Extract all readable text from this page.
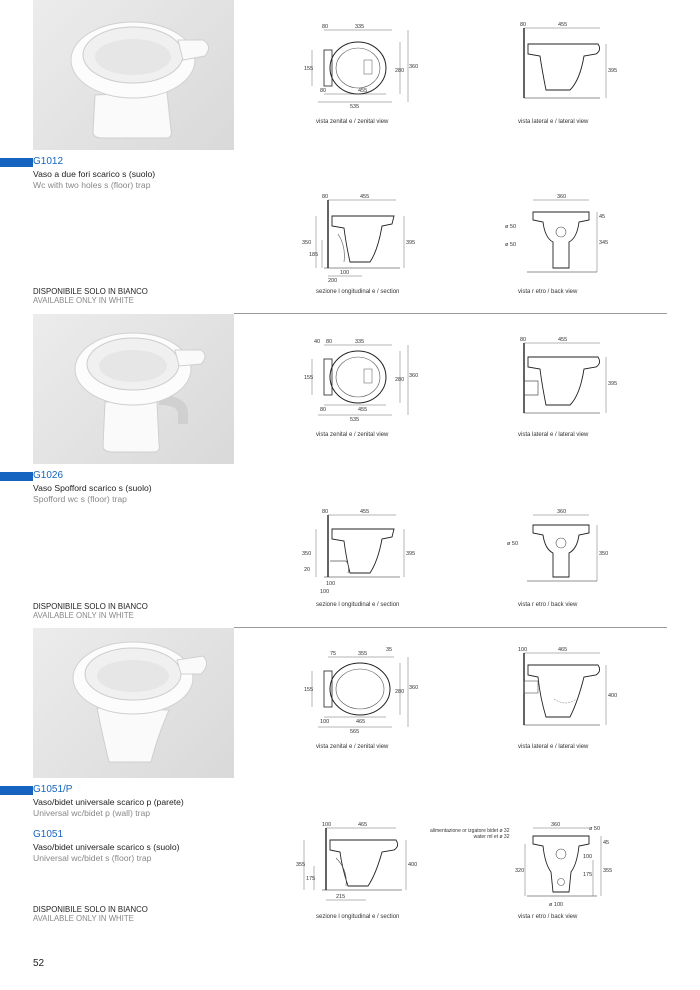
G1012
Vaso a due fori scarico s (suolo)
Wc with two holes s (floor) trap
DISPONIBILE SOLO IN BIANCO
AVAILABLE ONLY IN WHITE
80	335
155	280
360
80	455
535
vista zenital e / zenital view
80	455
395
vista lateral e / lateral view
80	455
350
185
395
100
200
sezione l ongitudinal e / section
360
45
ø 50
ø 50	345
vista r etro / back view
G1026
Vaso Spofford scarico s (suolo)
Spofford wc s (floor) trap
DISPONIBILE SOLO IN BIANCO
AVAILABLE ONLY IN WHITE
40 80	335
155	280
360
80	455
535
vista zenital e / zenital view
80	455
395
vista lateral e / lateral view
80	455
350
20
395
100
100
sezione l ongitudinal e / section
360
ø 50
350
vista r etro / back view
G1051/P
Vaso/bidet universale scarico p (parete)
Universal wc/bidet p (wall) trap
G1051
Vaso/bidet universale scarico s (suolo)
Universal wc/bidet s (floor) trap
DISPONIBILE SOLO IN BIANCO
AVAILABLE ONLY IN WHITE
75	355
35
155	280
360
100	465
565
vista zenital e / zenital view
100	465
400
vista lateral e / lateral view
100	465
355
175
400
215
sezione l ongitudinal e / section
alimentazione or izgatore bidet ø 32
water ml et ø 32
360
ø 50
45
100
320
175
355
ø 100
vista r etro / back view
52
